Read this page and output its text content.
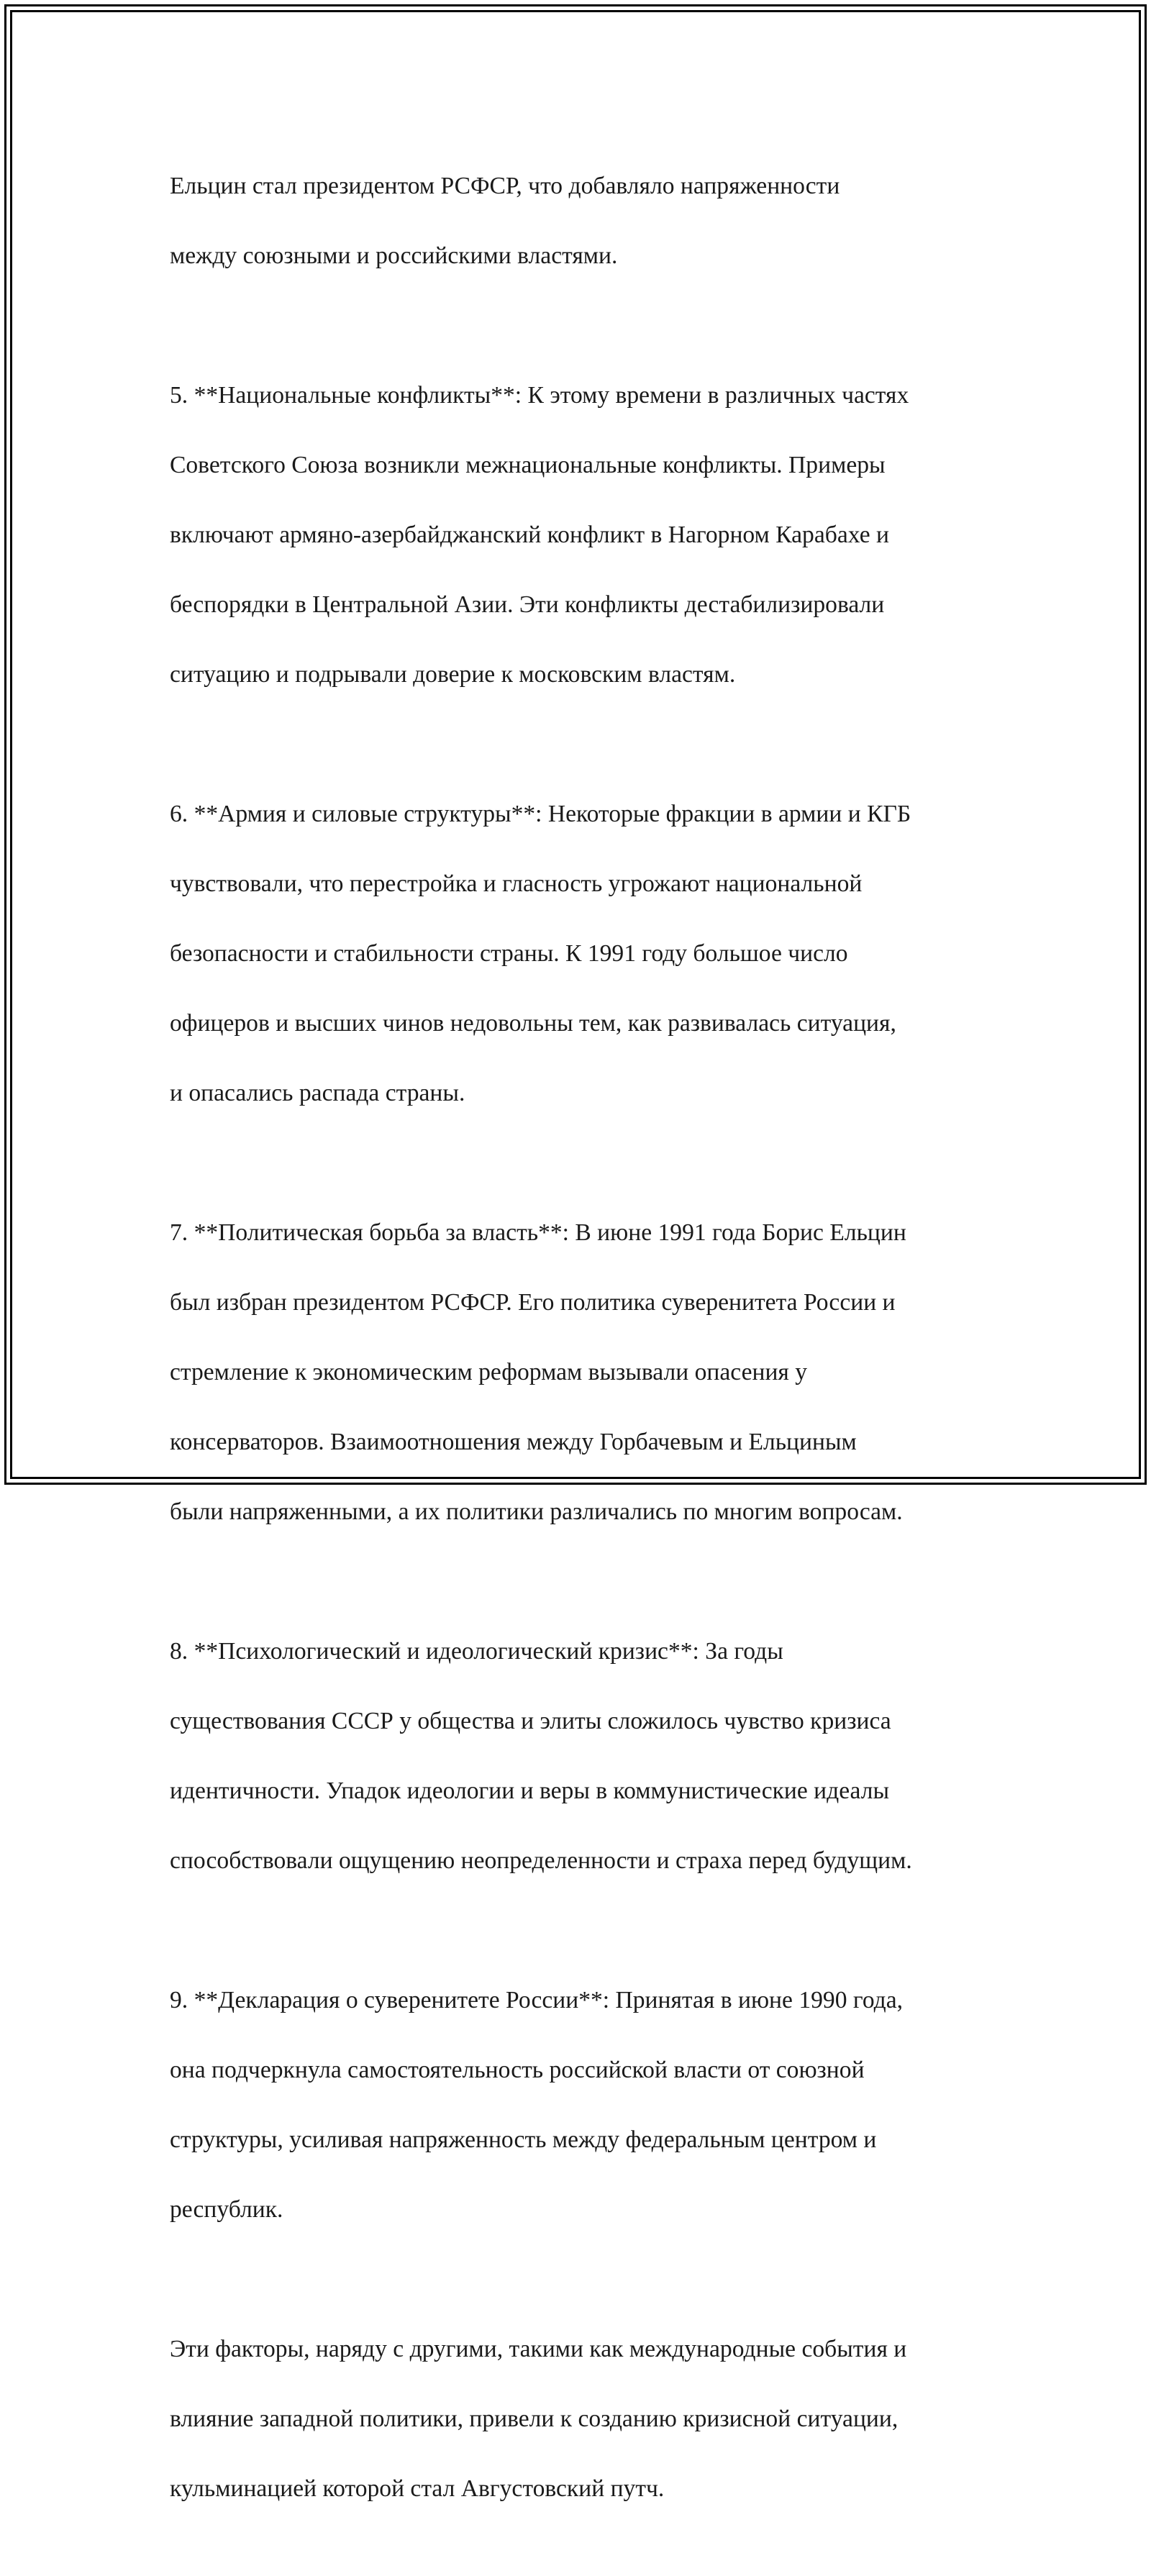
Ельцин стал президентом РСФСР, что добавляло напряженности

между союзными и российскими властями.

5. **Национальные конфликты**: К этому времени в различных частях

Советского Союза возникли межнациональные конфликты. Примеры

включают армяно-азербайджанский конфликт в Нагорном Карабахе и

беспорядки в Центральной Азии. Эти конфликты дестабилизировали

ситуацию и подрывали доверие к московским властям.

6. **Армия и силовые структуры**: Некоторые фракции в армии и КГБ

чувствовали, что перестройка и гласность угрожают национальной

безопасности и стабильности страны. К 1991 году большое число

офицеров и высших чинов недовольны тем, как развивалась ситуация,

и опасались распада страны.

7. **Политическая борьба за власть**: В июне 1991 года Борис Ельцин

был избран президентом РСФСР. Его политика суверенитета России и

стремление к экономическим реформам вызывали опасения у

консерваторов. Взаимоотношения между Горбачевым и Ельциным

были напряженными, а их политики различались по многим вопросам.

8. **Психологический и идеологический кризис**: За годы

существования СССР у общества и элиты сложилось чувство кризиса

идентичности. Упадок идеологии и веры в коммунистические идеалы

способствовали ощущению неопределенности и страха перед будущим.

9. **Декларация о суверенитете России**: Принятая в июне 1990 года,

она подчеркнула самостоятельность российской власти от союзной

структуры, усиливая напряженность между федеральным центром и

республик.

Эти факторы, наряду с другими, такими как международные события и

влияние западной политики, привели к созданию кризисной ситуации,

кульминацией которой стал Августовский путч.
